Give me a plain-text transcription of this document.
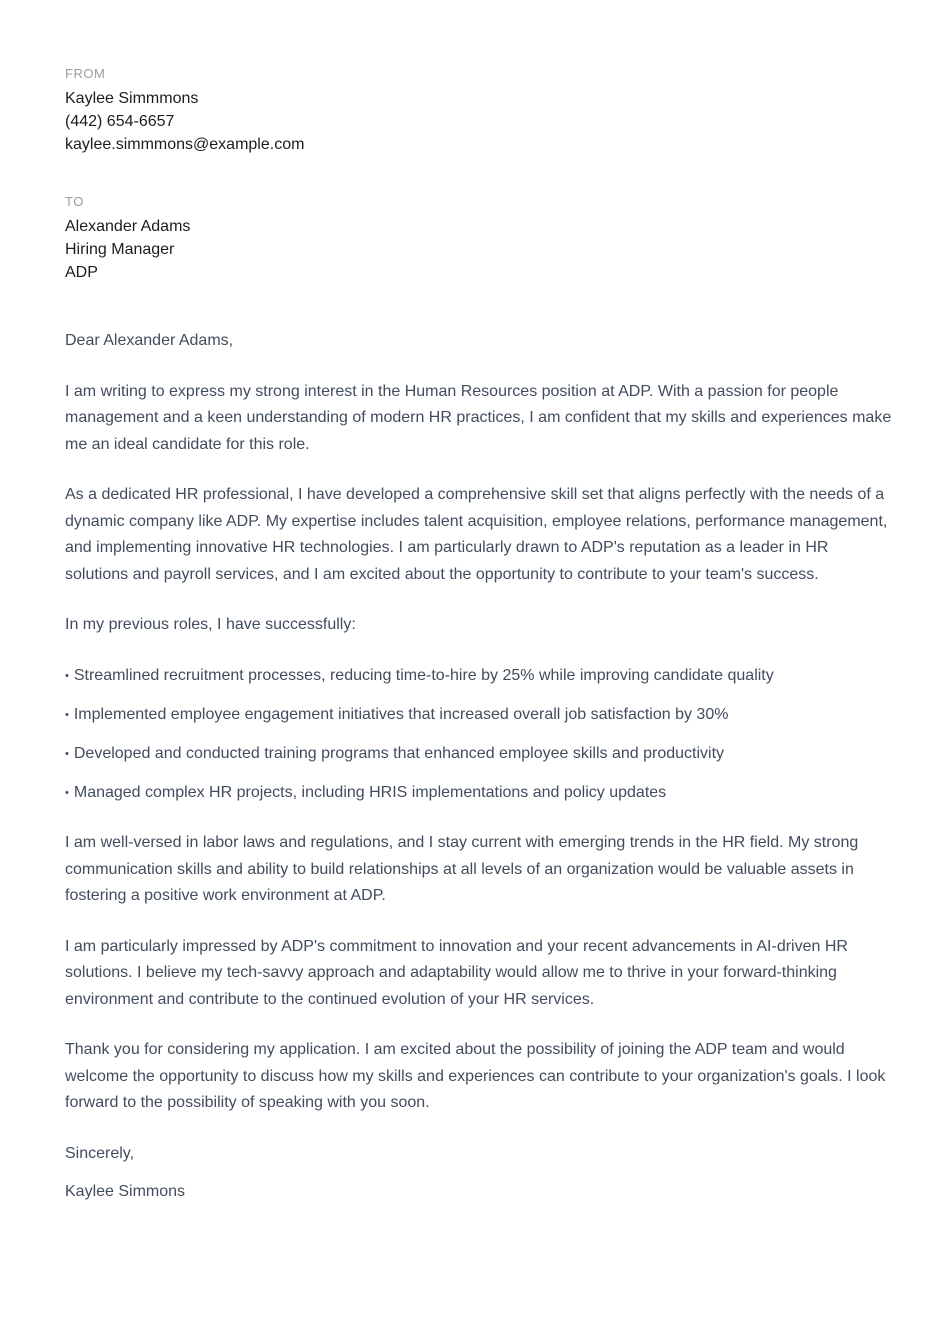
FROM
Kaylee Simmmons
(442) 654-6657
kaylee.simmmons@example.com
TO
Alexander Adams
Hiring Manager
ADP

Dear Alexander Adams,

I am writing to express my strong interest in the Human Resources position at ADP. With a passion for people management and a keen understanding of modern HR practices, I am confident that my skills and experiences make me an ideal candidate for this role.

As a dedicated HR professional, I have developed a comprehensive skill set that aligns perfectly with the needs of a dynamic company like ADP. My expertise includes talent acquisition, employee relations, performance management, and implementing innovative HR technologies. I am particularly drawn to ADP's reputation as a leader in HR solutions and payroll services, and I am excited about the opportunity to contribute to your team's success.

In my previous roles, I have successfully:

• Streamlined recruitment processes, reducing time-to-hire by 25% while improving candidate quality

• Implemented employee engagement initiatives that increased overall job satisfaction by 30%

• Developed and conducted training programs that enhanced employee skills and productivity

• Managed complex HR projects, including HRIS implementations and policy updates

I am well-versed in labor laws and regulations, and I stay current with emerging trends in the HR field. My strong communication skills and ability to build relationships at all levels of an organization would be valuable assets in fostering a positive work environment at ADP.

I am particularly impressed by ADP's commitment to innovation and your recent advancements in AI-driven HR solutions. I believe my tech-savvy approach and adaptability would allow me to thrive in your forward-thinking environment and contribute to the continued evolution of your HR services.

Thank you for considering my application. I am excited about the possibility of joining the ADP team and would welcome the opportunity to discuss how my skills and experiences can contribute to your organization's goals. I look forward to the possibility of speaking with you soon.

Sincerely,

Kaylee Simmons
